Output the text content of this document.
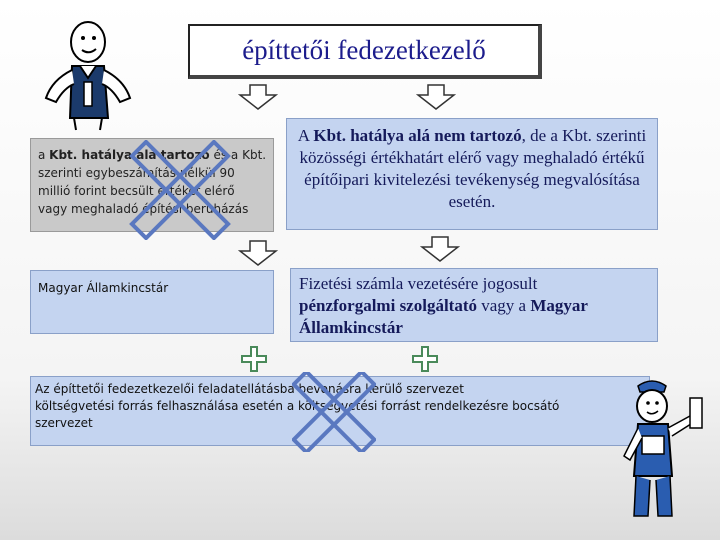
építtetői fedezetkezelő
a Kbt. hatálya alá tartozó és a Kbt. szerinti egybeszámítás nélkül 90 millió forint becsült értéket elérő vagy meghaladó építési beruházás
A Kbt. hatálya alá nem tartozó, de a Kbt. szerinti közösségi értékhatárt elérő vagy meghaladó értékű építőipari kivitelezési tevékenység megvalósítása esetén.
Magyar Államkincstár	Fizetési számla vezetésére jogosult
pénzforgalmi szolgáltató vagy a Magyar Államkincstár
Az építtetői fedezetkezelői feladatellátásba bevonásra kerülő szervezet
költségvetési forrás felhasználása esetén a költségvetési forrást rendelkezésre bocsátó
szervezet
